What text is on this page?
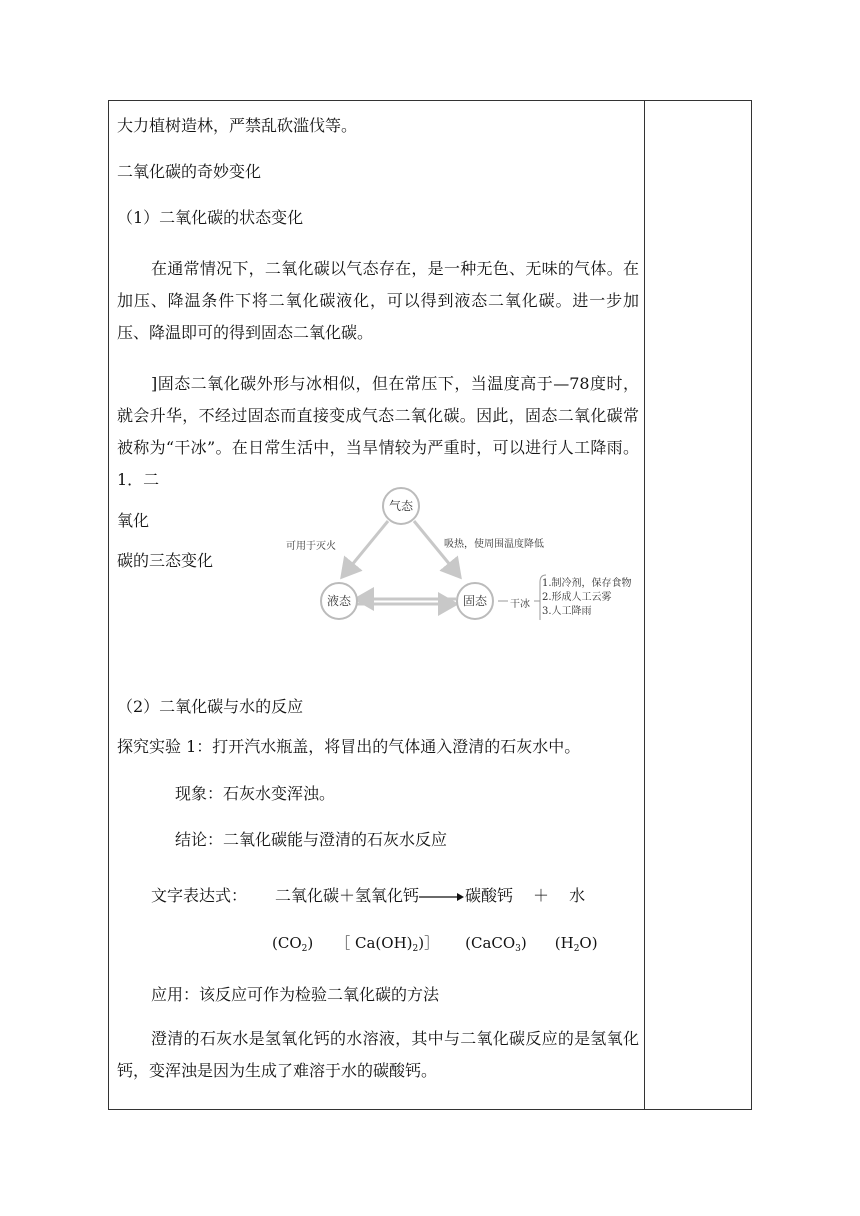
大力植树造林，严禁乱砍滥伐等。
二氧化碳的奇妙变化
（1）二氧化碳的状态变化
在通常情况下，二氧化碳以气态存在，是一种无色、无味的气体。在加压、降温条件下将二氧化碳液化，可以得到液态二氧化碳。进一步加压、降温即可的得到固态二氧化碳。
]固态二氧化碳外形与冰相似，但在常压下，当温度高于—78度时，就会升华，不经过固态而直接变成气态二氧化碳。因此，固态二氧化碳常被称为“干冰”。在日常生活中，当旱情较为严重时，可以进行人工降雨。1．二
氧化
碳的三态变化
气态
液态	固态
可用于灭火	吸热，使周围温度降低
干冰
1.制冷剂，保存食物
2.形成人工云雾
3.人工降雨
（2）二氧化碳与水的反应
探究实验 1：打开汽水瓶盖，将冒出的气体通入澄清的石灰水中。
现象：石灰水变浑浊。
结论：二氧化碳能与澄清的石灰水反应
文字表达式： 二氧化碳＋氢氧化钙→碳酸钙 ＋ 水
$(CO_2)$ ［ $Ca(OH)_2)]$ (CaCO$_3$) $(H_2O)$
应用：该反应可作为检验二氧化碳的方法
澄清的石灰水是氢氧化钙的水溶液，其中与二氧化碳反应的是氢氧化钙，变浑浊是因为生成了难溶于水的碳酸钙。
